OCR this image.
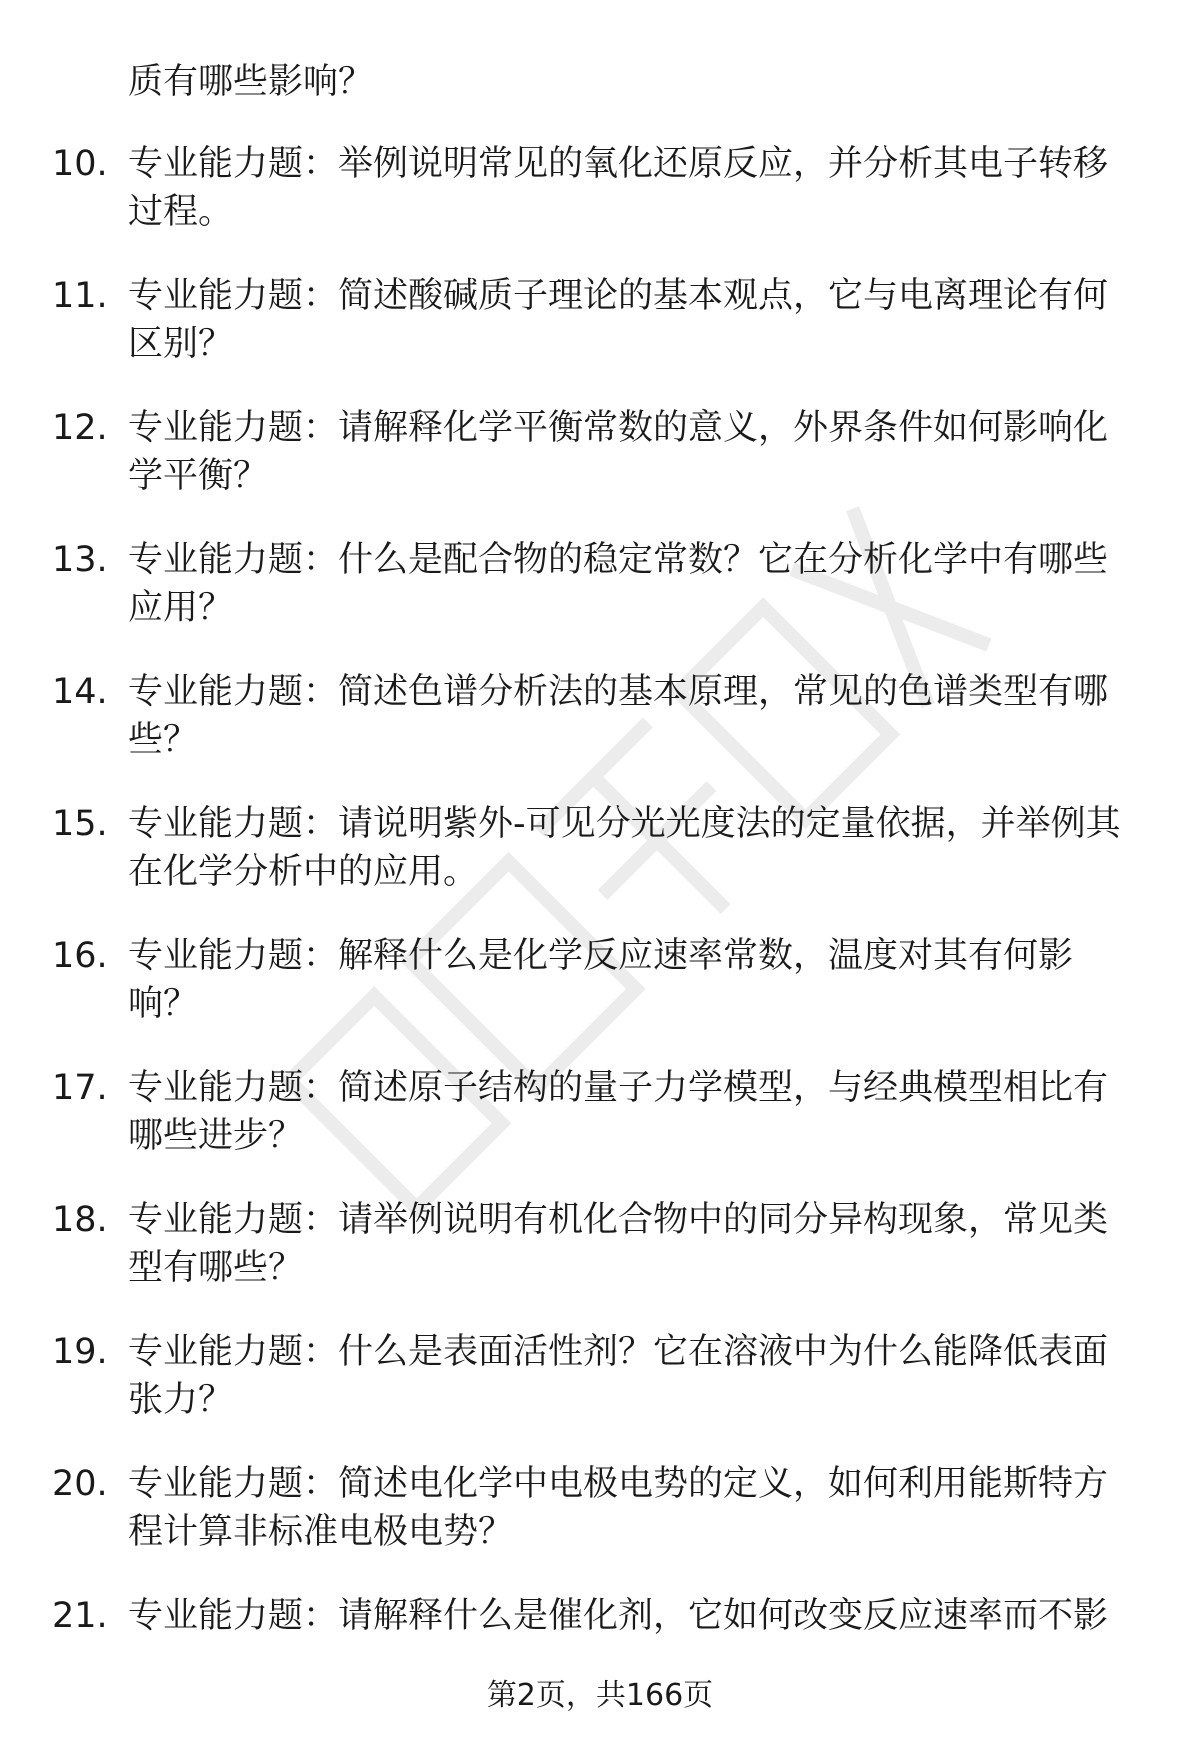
质有哪些影响？

10. 专业能力题：举例说明常见的氧化还原反应，并分析其电子转移
过程。
11. 专业能力题：简述酸碱质子理论的基本观点，它与电离理论有何
区别？
12. 专业能力题：请解释化学平衡常数的意义，外界条件如何影响化
学平衡？
13. 专业能力题：什么是配合物的稳定常数？它在分析化学中有哪些
应用？
14. 专业能力题：简述色谱分析法的基本原理，常见的色谱类型有哪
些？
15. 专业能力题：请说明紫外-可见分光光度法的定量依据，并举例其
在化学分析中的应用。
16. 专业能力题：解释什么是化学反应速率常数，温度对其有何影
响？
17. 专业能力题：简述原子结构的量子力学模型，与经典模型相比有
哪些进步？
18. 专业能力题：请举例说明有机化合物中的同分异构现象，常见类
型有哪些？
19. 专业能力题：什么是表面活性剂？它在溶液中为什么能降低表面
张力？
20. 专业能力题：简述电化学中电极电势的定义，如何利用能斯特方
程计算非标准电极电势？
21. 专业能力题：请解释什么是催化剂，它如何改变反应速率而不影
第2页，共166页
